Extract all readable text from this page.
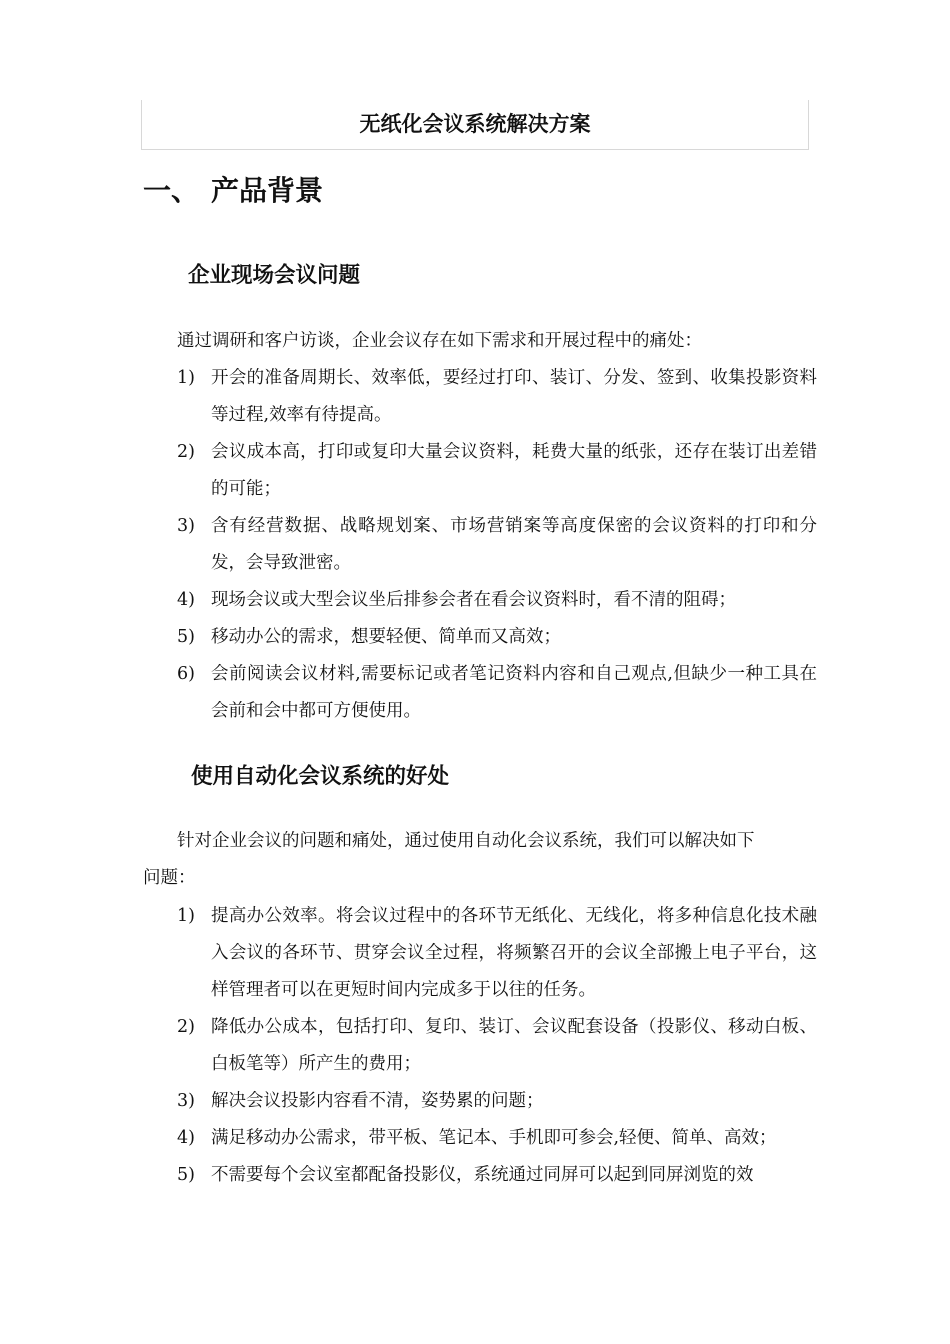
无纸化会议系统解决方案
一、 产品背景
企业现场会议问题
通过调研和客户访谈，企业会议存在如下需求和开展过程中的痛处：
1) 开会的准备周期长、效率低，要经过打印、装订、分发、签到、收集投影资料等过程,效率有待提高。
2) 会议成本高，打印或复印大量会议资料，耗费大量的纸张，还存在装订出差错的可能；
3) 含有经营数据、战略规划案、市场营销案等高度保密的会议资料的打印和分发，会导致泄密。
4) 现场会议或大型会议坐后排参会者在看会议资料时，看不清的阻碍；
5) 移动办公的需求，想要轻便、简单而又高效；
6) 会前阅读会议材料,需要标记或者笔记资料内容和自己观点,但缺少一种工具在会前和会中都可方便使用。
使用自动化会议系统的好处
针对企业会议的问题和痛处，通过使用自动化会议系统，我们可以解决如下
问题：
1) 提高办公效率。将会议过程中的各环节无纸化、无线化，将多种信息化技术融入会议的各环节、贯穿会议全过程，将频繁召开的会议全部搬上电子平台，这样管理者可以在更短时间内完成多于以往的任务。
2) 降低办公成本，包括打印、复印、装订、会议配套设备（投影仪、移动白板、白板笔等）所产生的费用；
3) 解决会议投影内容看不清，姿势累的问题；
4) 满足移动办公需求，带平板、笔记本、手机即可参会,轻便、简单、高效；
5) 不需要每个会议室都配备投影仪，系统通过同屏可以起到同屏浏览的效
